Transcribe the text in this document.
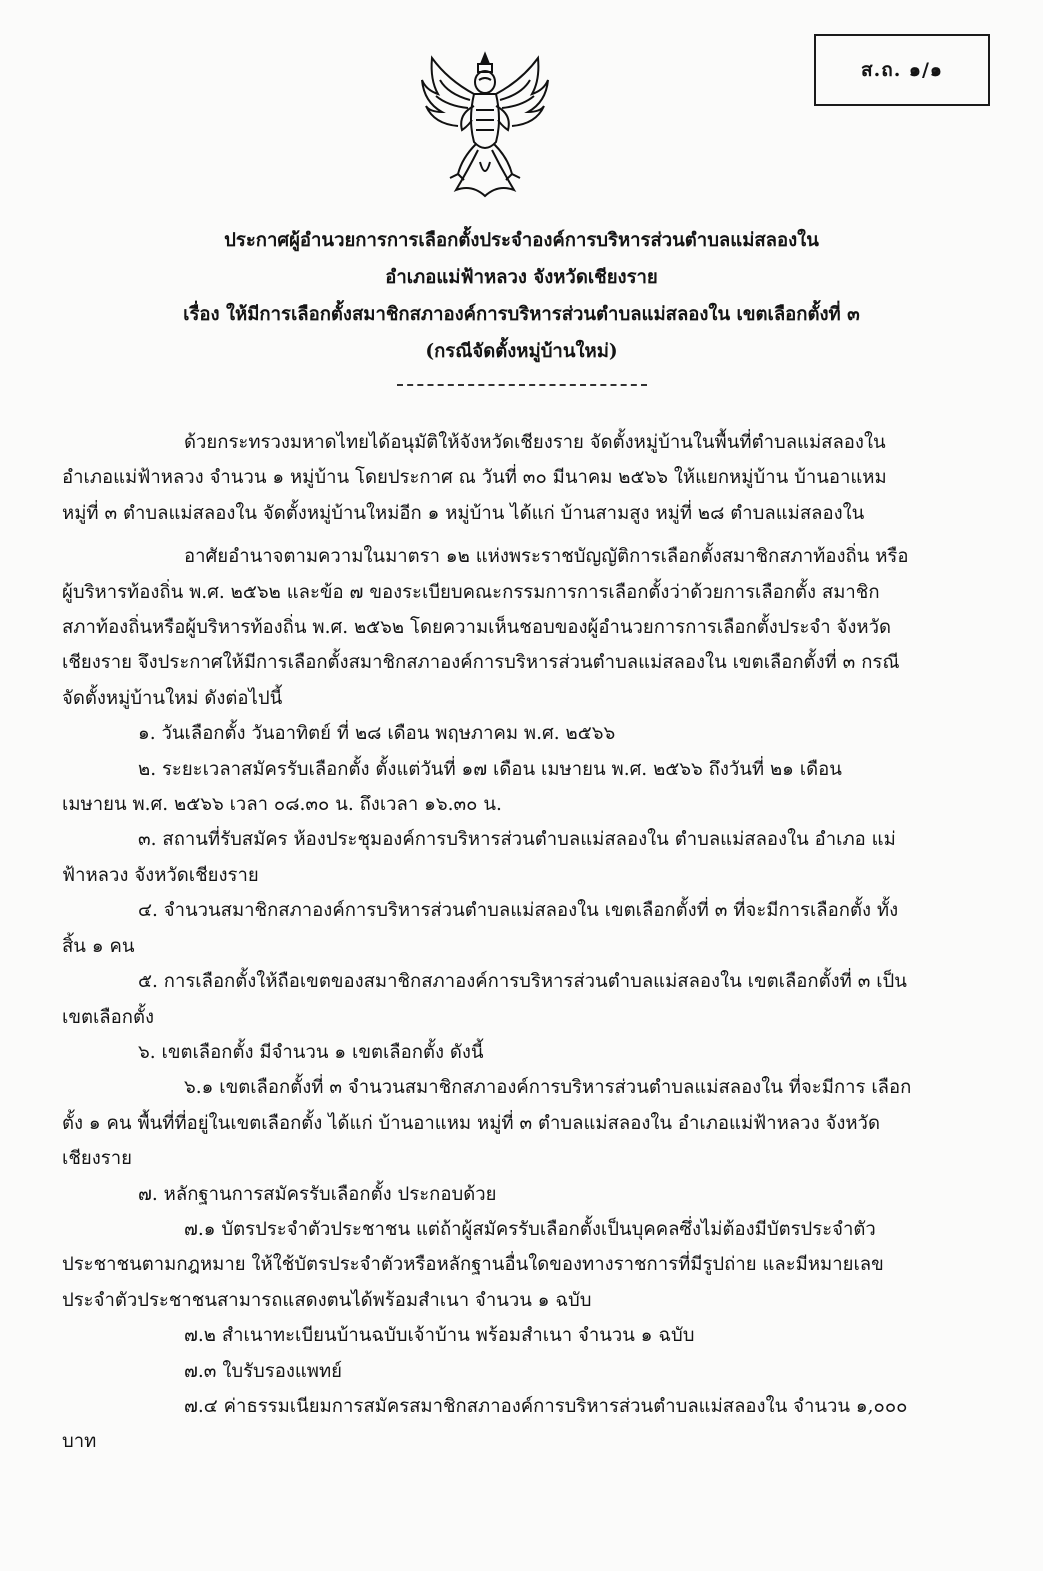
ส.ถ. ๑/๑
ประกาศผู้อำนวยการการเลือกตั้งประจำองค์การบริหารส่วนตำบลแม่สลองใน
อำเภอแม่ฟ้าหลวง จังหวัดเชียงราย
เรื่อง ให้มีการเลือกตั้งสมาชิกสภาองค์การบริหารส่วนตำบลแม่สลองใน เขตเลือกตั้งที่ ๓
(กรณีจัดตั้งหมู่บ้านใหม่)

ด้วยกระทรวงมหาดไทยได้อนุมัติให้จังหวัดเชียงราย จัดตั้งหมู่บ้านในพื้นที่ตำบลแม่สลองใน อำเภอแม่ฟ้าหลวง จำนวน ๑ หมู่บ้าน โดยประกาศ ณ วันที่ ๓๐ มีนาคม ๒๕๖๖ ให้แยกหมู่บ้าน บ้านอาแหม หมู่ที่ ๓ ตำบลแม่สลองใน จัดตั้งหมู่บ้านใหม่อีก ๑ หมู่บ้าน ได้แก่ บ้านสามสูง หมู่ที่ ๒๘ ตำบลแม่สลองใน

อาศัยอำนาจตามความในมาตรา ๑๒ แห่งพระราชบัญญัติการเลือกตั้งสมาชิกสภาท้องถิ่น หรือผู้บริหารท้องถิ่น พ.ศ. ๒๕๖๒ และข้อ ๗ ของระเบียบคณะกรรมการการเลือกตั้งว่าด้วยการเลือกตั้ง สมาชิกสภาท้องถิ่นหรือผู้บริหารท้องถิ่น พ.ศ. ๒๕๖๒ โดยความเห็นชอบของผู้อำนวยการการเลือกตั้งประจำ จังหวัดเชียงราย จึงประกาศให้มีการเลือกตั้งสมาชิกสภาองค์การบริหารส่วนตำบลแม่สลองใน เขตเลือกตั้งที่ ๓ กรณีจัดตั้งหมู่บ้านใหม่ ดังต่อไปนี้

๑. วันเลือกตั้ง วันอาทิตย์ ที่ ๒๘ เดือน พฤษภาคม พ.ศ. ๒๕๖๖

๒. ระยะเวลาสมัครรับเลือกตั้ง ตั้งแต่วันที่ ๑๗ เดือน เมษายน พ.ศ. ๒๕๖๖ ถึงวันที่ ๒๑ เดือน เมษายน พ.ศ. ๒๕๖๖ เวลา ๐๘.๓๐ น. ถึงเวลา ๑๖.๓๐ น.

๓. สถานที่รับสมัคร ห้องประชุมองค์การบริหารส่วนตำบลแม่สลองใน ตำบลแม่สลองใน อำเภอ แม่ฟ้าหลวง จังหวัดเชียงราย

๔. จำนวนสมาชิกสภาองค์การบริหารส่วนตำบลแม่สลองใน เขตเลือกตั้งที่ ๓ ที่จะมีการเลือกตั้ง ทั้งสิ้น ๑ คน

๕. การเลือกตั้งให้ถือเขตของสมาชิกสภาองค์การบริหารส่วนตำบลแม่สลองใน เขตเลือกตั้งที่ ๓ เป็นเขตเลือกตั้ง

๖. เขตเลือกตั้ง มีจำนวน ๑ เขตเลือกตั้ง ดังนี้

๖.๑ เขตเลือกตั้งที่ ๓ จำนวนสมาชิกสภาองค์การบริหารส่วนตำบลแม่สลองใน ที่จะมีการ เลือกตั้ง ๑ คน พื้นที่ที่อยู่ในเขตเลือกตั้ง ได้แก่ บ้านอาแหม หมู่ที่ ๓ ตำบลแม่สลองใน อำเภอแม่ฟ้าหลวง จังหวัดเชียงราย

๗. หลักฐานการสมัครรับเลือกตั้ง ประกอบด้วย

๗.๑ บัตรประจำตัวประชาชน แต่ถ้าผู้สมัครรับเลือกตั้งเป็นบุคคลซึ่งไม่ต้องมีบัตรประจำตัว ประชาชนตามกฎหมาย ให้ใช้บัตรประจำตัวหรือหลักฐานอื่นใดของทางราชการที่มีรูปถ่าย และมีหมายเลข ประจำตัวประชาชนสามารถแสดงตนได้พร้อมสำเนา จำนวน ๑ ฉบับ

๗.๒ สำเนาทะเบียนบ้านฉบับเจ้าบ้าน พร้อมสำเนา จำนวน ๑ ฉบับ

๗.๓ ใบรับรองแพทย์

๗.๔ ค่าธรรมเนียมการสมัครสมาชิกสภาองค์การบริหารส่วนตำบลแม่สลองใน จำนวน ๑,๐๐๐ บาท
